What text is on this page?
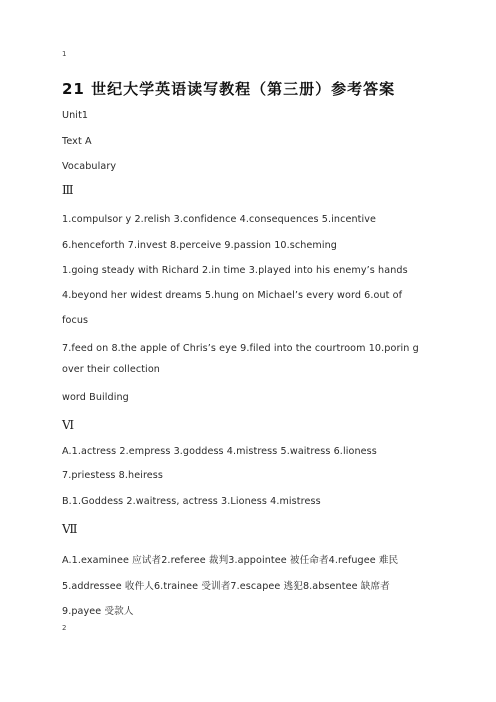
1
21 世纪大学英语读写教程（第三册）参考答案
Unit1
Text A
Vocabulary
Ⅲ
1.compulsor y 2.relish 3.confidence 4.consequences 5.incentive
6.henceforth 7.invest 8.perceive 9.passion 10.scheming
1.going steady with Richard 2.in time 3.played into his enemy’s hands
4.beyond her widest dreams 5.hung on Michael’s every word 6.out of
focus
7.feed on 8.the apple of Chris’s eye 9.filed into the courtroom 10.porin g
over their collection
word Building
Ⅵ
A.1.actress 2.empress 3.goddess 4.mistress 5.waitress 6.lioness
7.priestess 8.heiress
B.1.Goddess 2.waitress, actress 3.Lioness 4.mistress
Ⅶ
A.1.examinee 应试者2.referee 裁判3.appointee 被任命者4.refugee 难民
5.addressee 收件人6.trainee 受训者7.escapee 逃犯8.absentee 缺席者
9.payee 受款人
2
